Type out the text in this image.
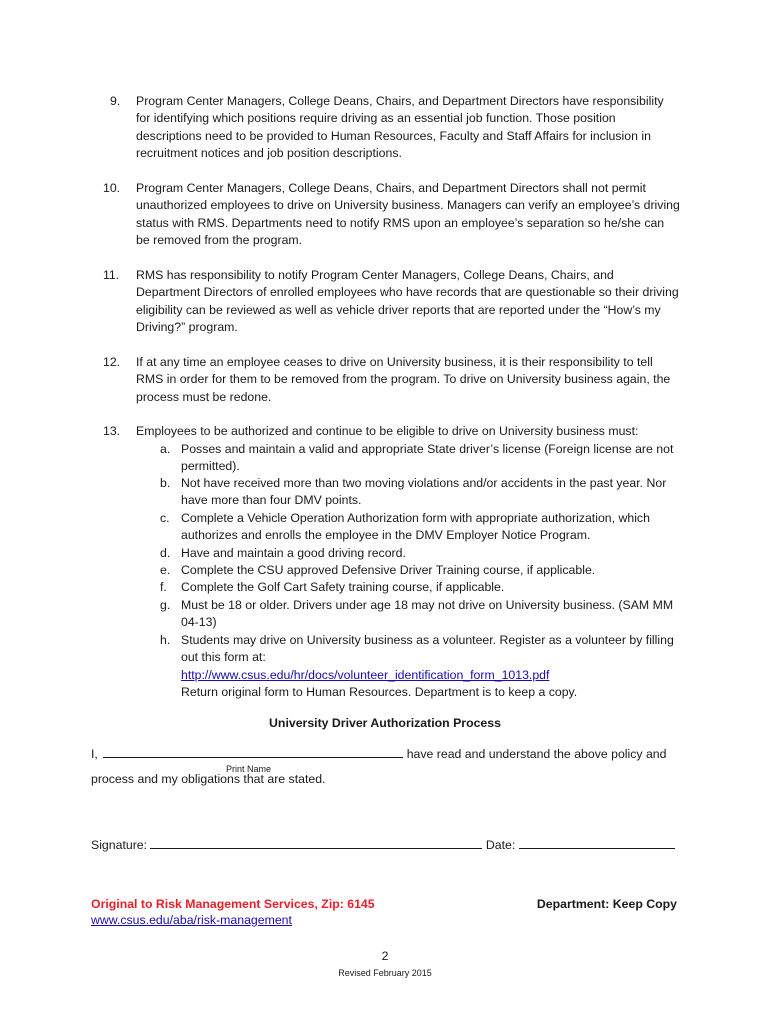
9.	Program Center Managers, College Deans, Chairs, and Department Directors have responsibility for identifying which positions require driving as an essential job function. Those position descriptions need to be provided to Human Resources, Faculty and Staff Affairs for inclusion in recruitment notices and job position descriptions.
10.	Program Center Managers, College Deans, Chairs, and Department Directors shall not permit unauthorized employees to drive on University business. Managers can verify an employee’s driving status with RMS. Departments need to notify RMS upon an employee’s separation so he/she can be removed from the program.
11.	RMS has responsibility to notify Program Center Managers, College Deans, Chairs, and Department Directors of enrolled employees who have records that are questionable so their driving eligibility can be reviewed as well as vehicle driver reports that are reported under the “How’s my Driving?” program.
12.	If at any time an employee ceases to drive on University business, it is their responsibility to tell RMS in order for them to be removed from the program. To drive on University business again, the process must be redone.
13.	Employees to be authorized and continue to be eligible to drive on University business must:
a. Posses and maintain a valid and appropriate State driver’s license (Foreign license are not permitted).
b. Not have received more than two moving violations and/or accidents in the past year. Nor have more than four DMV points.
c. Complete a Vehicle Operation Authorization form with appropriate authorization, which authorizes and enrolls the employee in the DMV Employer Notice Program.
d. Have and maintain a good driving record.
e. Complete the CSU approved Defensive Driver Training course, if applicable.
f.	Complete the Golf Cart Safety training course, if applicable.
g. Must be 18 or older. Drivers under age 18 may not drive on University business. (SAM MM 04-13)
h. Students may drive on University business as a volunteer. Register as a volunteer by filling out this form at:
http://www.csus.edu/hr/docs/volunteer_identification_form_1013.pdf
Return original form to Human Resources. Department is to keep a copy.
University Driver Authorization Process
I,	have read and understand the above policy and
Print Name
process and my obligations that are stated.
Signature:	Date:
Original to Risk Management Services, Zip: 6145
www.csus.edu/aba/risk-management
Department: Keep Copy
2
Revised February 2015
